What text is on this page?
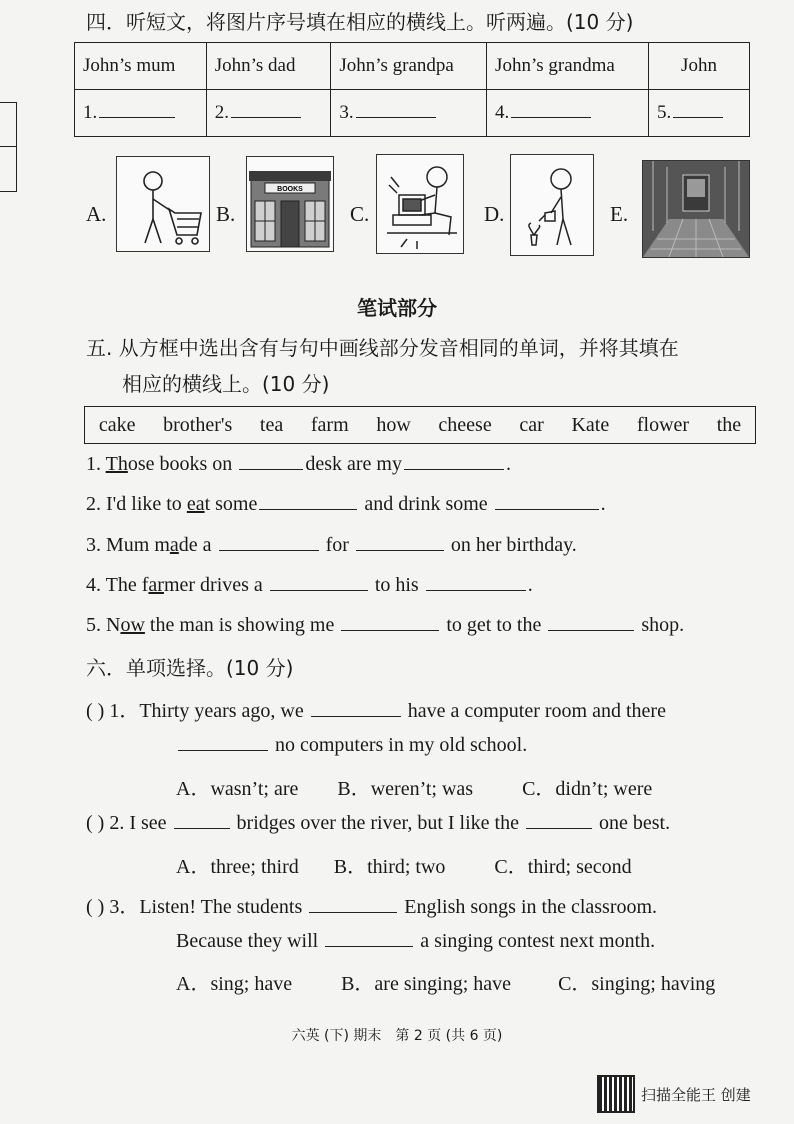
四．听短文，将图片序号填在相应的横线上。听两遍。(10 分)
John’s mum	John’s dad	John’s grandpa	John’s grandma	John
1.	2.	3.	4.	5.
A.	B.
BOOKS
C.	D.	E.
笔试部分
五. 从方框中选出含有与句中画线部分发音相同的单词，并将其填在
相应的横线上。(10 分)
cake brother's tea farm how cheese car Kate flower the
1. Those books on	desk are my	.
2. I'd like to eat some	and drink some	.
3. Mum made a	for	on her birthday.
4. The farmer drives a	to his	.
5. Now the man is showing me	to get to the	shop.
六．单项选择。(10 分)
( ) 1．Thirty years ago, we	have a computer room and there
no computers in my old school.
A．wasn’t; are B．weren’t; was C．didn’t; were
( ) 2. I see	bridges over the river, but I like the	one best.
A．three; third B．third; two C．third; second
( ) 3．Listen! The students	English songs in the classroom.
Because they will	a singing contest next month.
A．sing; have B．are singing; have C．singing; having
六英 (下) 期末　第 2 页 (共 6 页)
扫描全能王 创建
